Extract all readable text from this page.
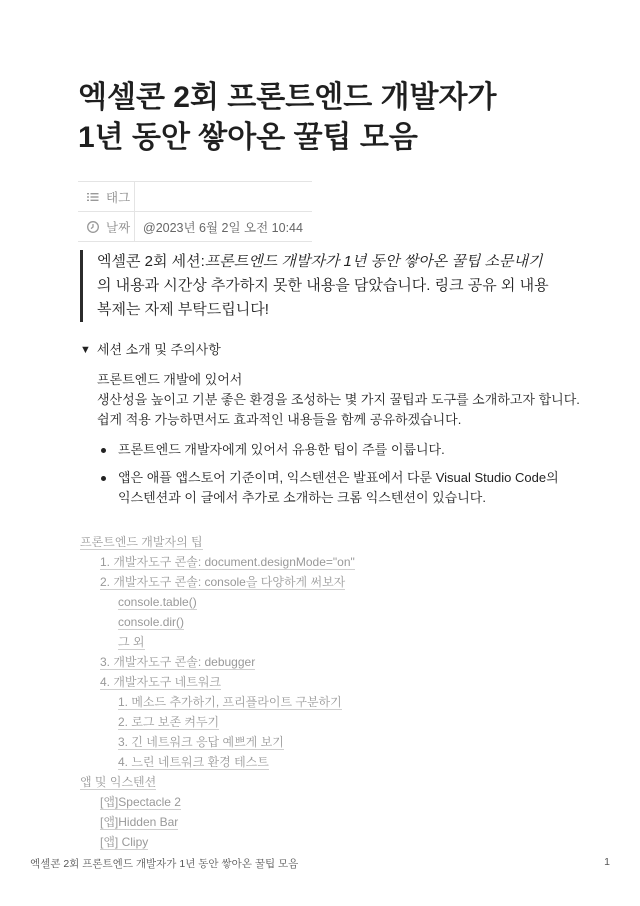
엑셀콘 2회 프론트엔드 개발자가
1년 동안 쌓아온 꿀팁 모음
태그
날짜	@2023년 6월 2일 오전 10:44
엑셀콘 2회 세션:프론트엔드 개발자가 1년 동안 쌓아온 꿀팁 소문내기
의 내용과 시간상 추가하지 못한 내용을 담았습니다. 링크 공유 외 내용
복제는 자제 부탁드립니다!
▼ 세션 소개 및 주의사항

프론트엔드 개발에 있어서

생산성을 높이고 기분 좋은 환경을 조성하는 몇 가지 꿀팁과 도구를 소개하고자 합니다.

쉽게 적용 가능하면서도 효과적인 내용들을 함께 공유하겠습니다.

프론트엔드 개발자에게 있어서 유용한 팁이 주를 이룹니다.
앱은 애플 앱스토어 기준이며, 익스텐션은 발표에서 다룬 Visual Studio Code의
익스텐션과 이 글에서 추가로 소개하는 크롬 익스텐션이 있습니다.
프론트엔드 개발자의 팁
1. 개발자도구 콘솔: document.designMode="on"
2. 개발자도구 콘솔: console을 다양하게 써보자
console.table()
console.dir()
그 외
3. 개발자도구 콘솔: debugger
4. 개발자도구 네트워크
1. 메소드 추가하기, 프리플라이트 구분하기
2. 로그 보존 켜두기
3. 긴 네트워크 응답 예쁘게 보기
4. 느린 네트워크 환경 테스트
앱 및 익스텐션
[앱]Spectacle 2
[앱]Hidden Bar
[앱] Clipy
엑셀콘 2회 프론트엔드 개발자가 1년 동안 쌓아온 꿀팁 모음	1
